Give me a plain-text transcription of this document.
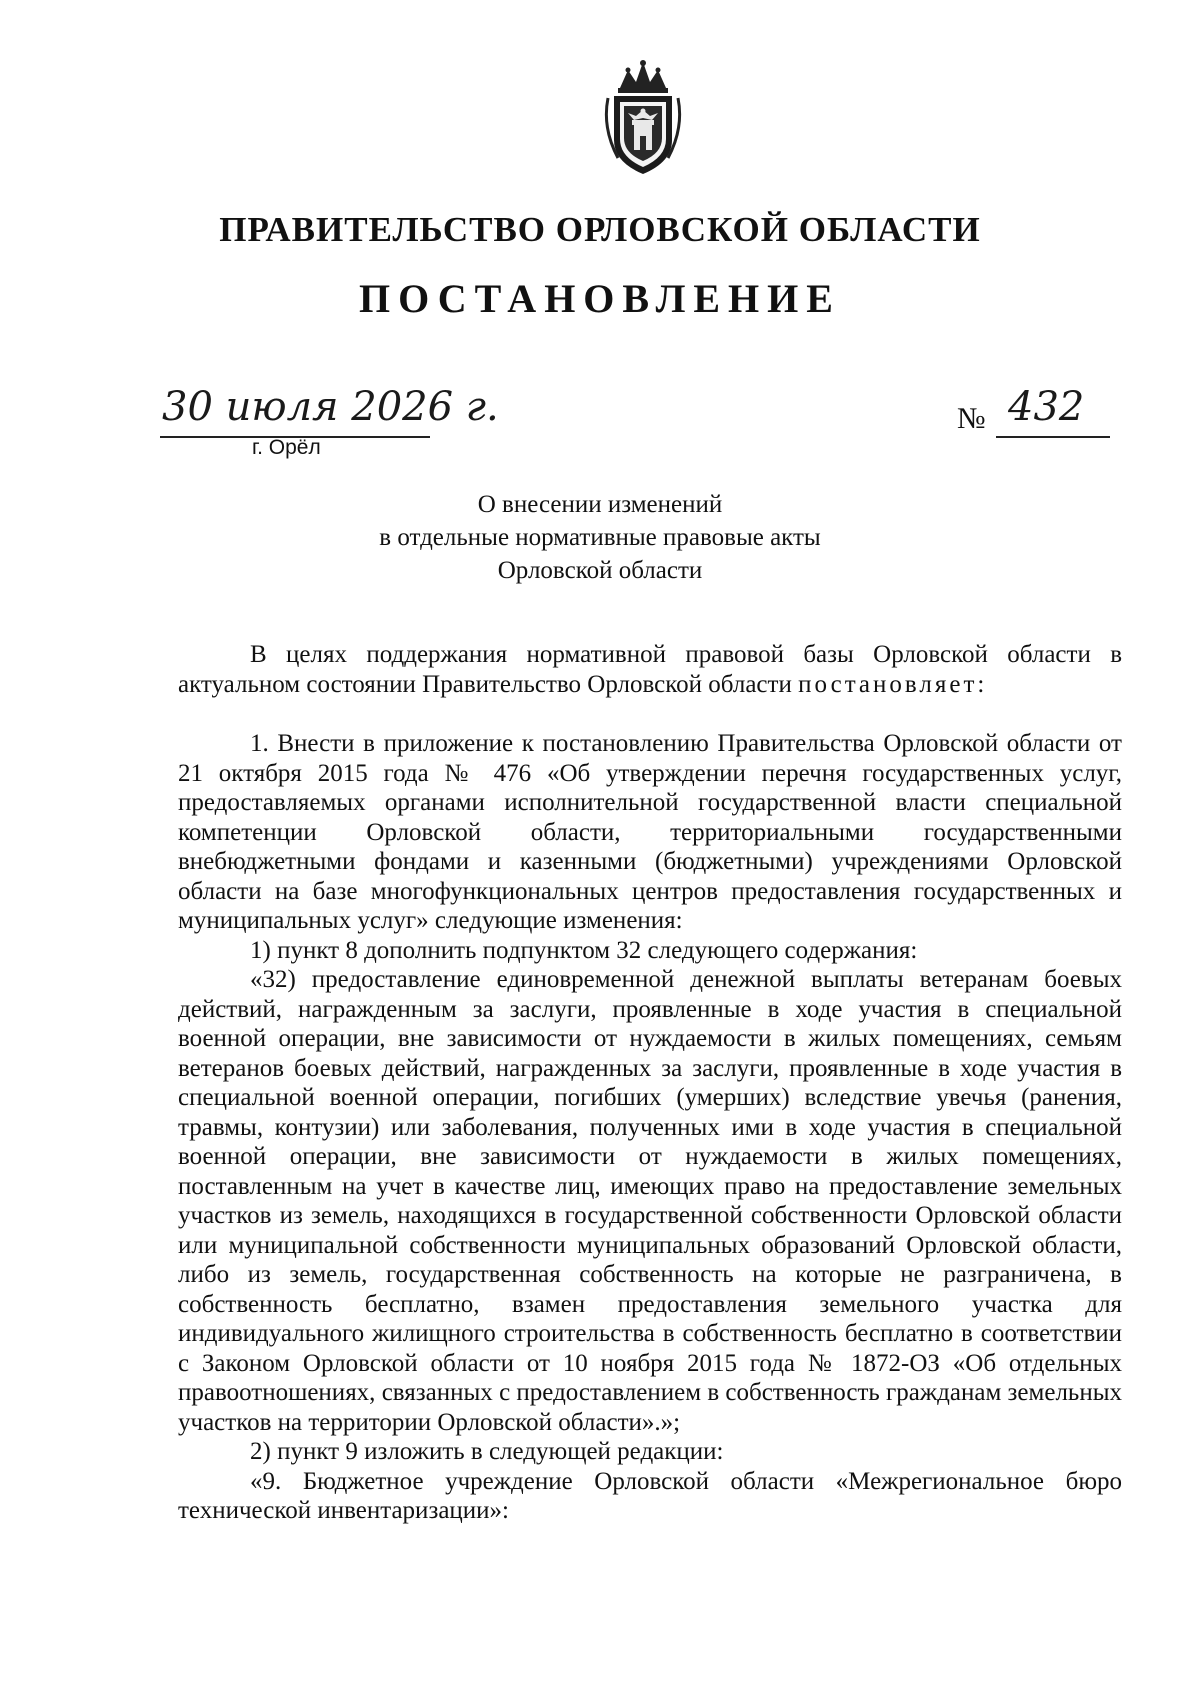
ПРАВИТЕЛЬСТВО ОРЛОВСКОЙ ОБЛАСТИ
ПОСТАНОВЛЕНИЕ
30 июля 2026 г.
г. Орёл
№ 432
О внесении изменений
в отдельные нормативные правовые акты
Орловской области

В целях поддержания нормативной правовой базы Орловской области в актуальном состоянии Правительство Орловской области постановляет:

1. Внести в приложение к постановлению Правительства Орловской области от 21 октября 2015 года № 476 «Об утверждении перечня государственных услуг, предоставляемых органами исполнительной государственной власти специальной компетенции Орловской области, территориальными государственными внебюджетными фондами и казенными (бюджетными) учреждениями Орловской области на базе многофункциональных центров предоставления государственных и муниципальных услуг» следующие изменения:

1) пункт 8 дополнить подпунктом 32 следующего содержания:

«32) предоставление единовременной денежной выплаты ветеранам боевых действий, награжденным за заслуги, проявленные в ходе участия в специальной военной операции, вне зависимости от нуждаемости в жилых помещениях, семьям ветеранов боевых действий, награжденных за заслуги, проявленные в ходе участия в специальной военной операции, погибших (умерших) вследствие увечья (ранения, травмы, контузии) или заболевания, полученных ими в ходе участия в специальной военной операции, вне зависимости от нуждаемости в жилых помещениях, поставленным на учет в качестве лиц, имеющих право на предоставление земельных участков из земель, находящихся в государственной собственности Орловской области или муниципальной собственности муниципальных образований Орловской области, либо из земель, государственная собственность на которые не разграничена, в собственность бесплатно, взамен предоставления земельного участка для индивидуального жилищного строительства в собственность бесплатно в соответствии с Законом Орловской области от 10 ноября 2015 года № 1872-ОЗ «Об отдельных правоотношениях, связанных с предоставлением в собственность гражданам земельных участков на территории Орловской области».»;

2) пункт 9 изложить в следующей редакции:

«9. Бюджетное учреждение Орловской области «Межрегиональное бюро технической инвентаризации»:
